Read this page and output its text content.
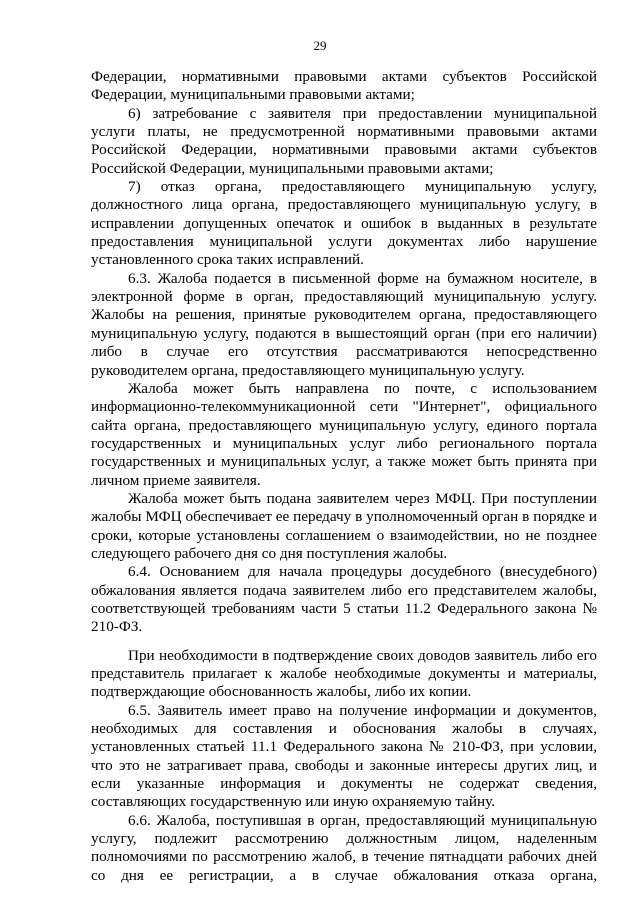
29

Федерации, нормативными правовыми актами субъектов Российской Федерации, муниципальными правовыми актами;

6) затребование с заявителя при предоставлении муниципальной услуги платы, не предусмотренной нормативными правовыми актами Российской Федерации, нормативными правовыми актами субъектов Российской Федерации, муниципальными правовыми актами;

7) отказ органа, предоставляющего муниципальную услугу, должностного лица органа, предоставляющего муниципальную услугу, в исправлении допущенных опечаток и ошибок в выданных в результате предоставления муниципальной услуги документах либо нарушение установленного срока таких исправлений.

6.3. Жалоба подается в письменной форме на бумажном носителе, в электронной форме в орган, предоставляющий муниципальную услугу. Жалобы на решения, принятые руководителем органа, предоставляющего муниципальную услугу, подаются в вышестоящий орган (при его наличии) либо в случае его отсутствия рассматриваются непосредственно руководителем органа, предоставляющего муниципальную услугу.

Жалоба может быть направлена по почте, с использованием информационно-телекоммуникационной сети "Интернет", официального сайта органа, предоставляющего муниципальную услугу, единого портала государственных и муниципальных услуг либо регионального портала государственных и муниципальных услуг, а также может быть принята при личном приеме заявителя.

Жалоба может быть подана заявителем через МФЦ. При поступлении жалобы МФЦ обеспечивает ее передачу в уполномоченный орган в порядке и сроки, которые установлены соглашением о взаимодействии, но не позднее следующего рабочего дня со дня поступления жалобы.

6.4. Основанием для начала процедуры досудебного (внесудебного) обжалования является подача заявителем либо его представителем жалобы, соответствующей требованиям части 5 статьи 11.2 Федерального закона № 210-ФЗ.

При необходимости в подтверждение своих доводов заявитель либо его представитель прилагает к жалобе необходимые документы и материалы, подтверждающие обоснованность жалобы, либо их копии.

6.5. Заявитель имеет право на получение информации и документов, необходимых для составления и обоснования жалобы в случаях, установленных статьей 11.1 Федерального закона № 210-ФЗ, при условии, что это не затрагивает права, свободы и законные интересы других лиц, и если указанные информация и документы не содержат сведения, составляющих государственную или иную охраняемую тайну.

6.6. Жалоба, поступившая в орган, предоставляющий муниципальную услугу, подлежит рассмотрению должностным лицом, наделенным полномочиями по рассмотрению жалоб, в течение пятнадцати рабочих дней со дня ее регистрации, а в случае обжалования отказа органа,
